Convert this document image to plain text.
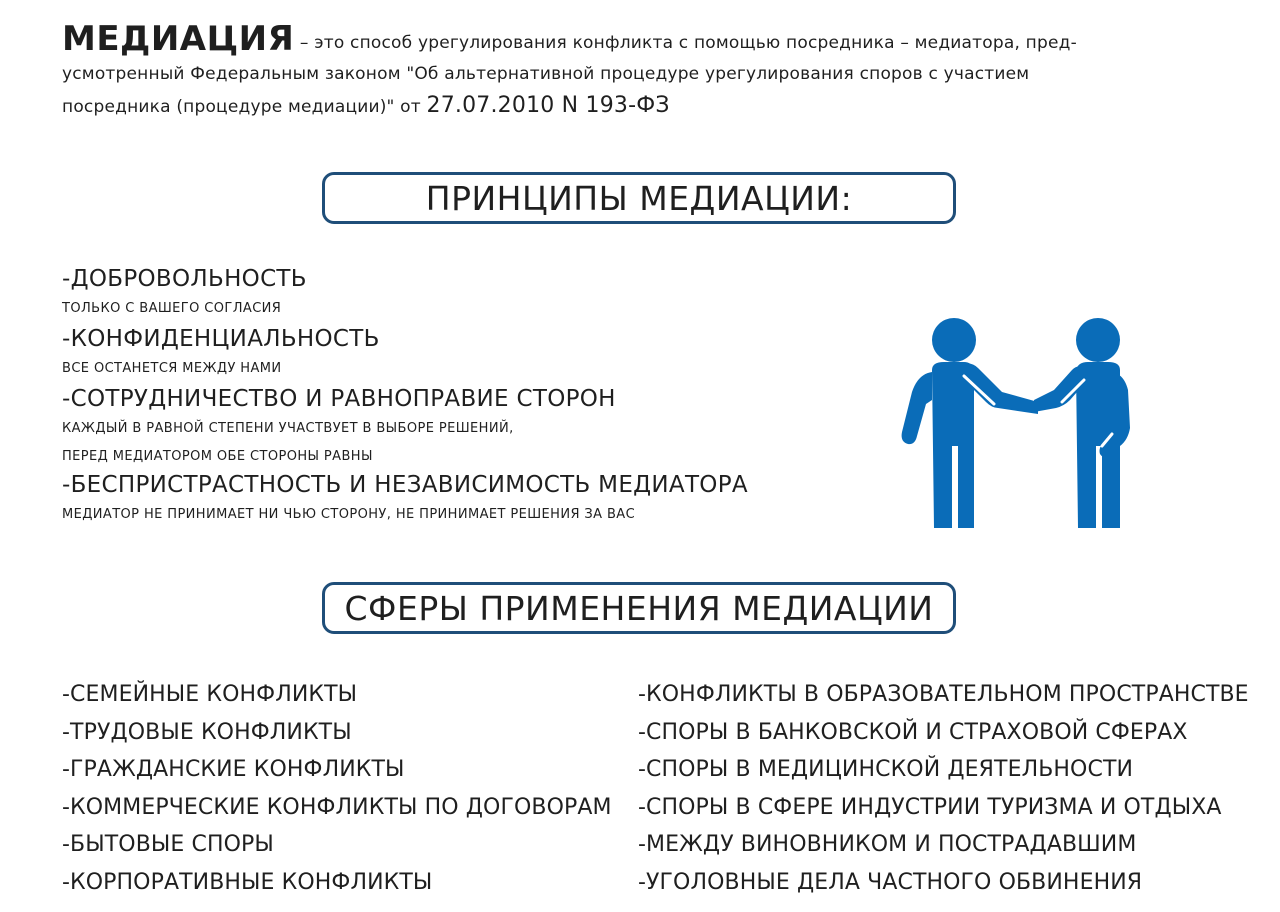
МЕДИАЦИЯ – это способ урегулирования конфликта с помощью посредника – медиатора, пред-
усмотренный Федеральным законом "Об альтернативной процедуре урегулирования споров с участием
посредника (процедуре медиации)" от 27.07.2010 N 193-ФЗ
ПРИНЦИПЫ МЕДИАЦИИ:
-ДОБРОВОЛЬНОСТЬ
ТОЛЬКО С ВАШЕГО СОГЛАСИЯ
-КОНФИДЕНЦИАЛЬНОСТЬ
ВСЕ ОСТАНЕТСЯ МЕЖДУ НАМИ
-СОТРУДНИЧЕСТВО И РАВНОПРАВИЕ СТОРОН
КАЖДЫЙ В РАВНОЙ СТЕПЕНИ УЧАСТВУЕТ В ВЫБОРЕ РЕШЕНИЙ,
ПЕРЕД МЕДИАТОРОМ ОБЕ СТОРОНЫ РАВНЫ
-БЕСПРИСТРАСТНОСТЬ И НЕЗАВИСИМОСТЬ МЕДИАТОРА
МЕДИАТОР НЕ ПРИНИМАЕТ НИ ЧЬЮ СТОРОНУ, НЕ ПРИНИМАЕТ РЕШЕНИЯ ЗА ВАС
СФЕРЫ ПРИМЕНЕНИЯ МЕДИАЦИИ
-СЕМЕЙНЫЕ КОНФЛИКТЫ
-ТРУДОВЫЕ КОНФЛИКТЫ
-ГРАЖДАНСКИЕ КОНФЛИКТЫ
-КОММЕРЧЕСКИЕ КОНФЛИКТЫ ПО ДОГОВОРАМ
-БЫТОВЫЕ СПОРЫ
-КОРПОРАТИВНЫЕ КОНФЛИКТЫ
-КОНФЛИКТЫ В ОБРАЗОВАТЕЛЬНОМ ПРОСТРАНСТВЕ
-СПОРЫ В БАНКОВСКОЙ И СТРАХОВОЙ СФЕРАХ
-СПОРЫ В МЕДИЦИНСКОЙ ДЕЯТЕЛЬНОСТИ
-СПОРЫ В СФЕРЕ ИНДУСТРИИ ТУРИЗМА И ОТДЫХА
-МЕЖДУ ВИНОВНИКОМ И ПОСТРАДАВШИМ
-УГОЛОВНЫЕ ДЕЛА ЧАСТНОГО ОБВИНЕНИЯ
